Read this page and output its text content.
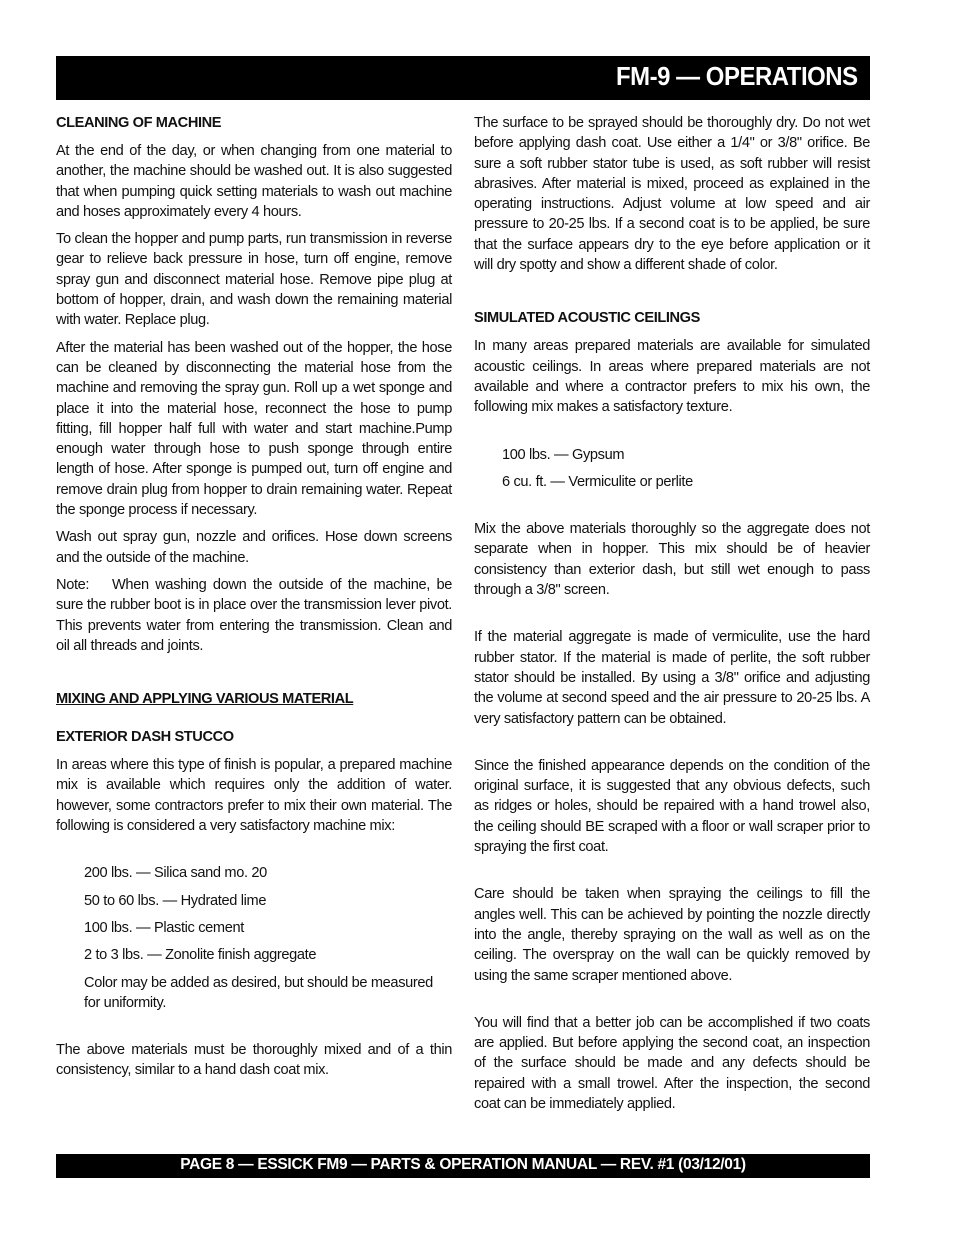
FM-9 — OPERATIONS
CLEANING OF MACHINE

At the end of the day, or when changing from one material to another, the machine should be washed out. It is also suggested that when pumping quick setting materials to wash out machine and hoses approximately every 4 hours.

To clean the hopper and pump parts, run transmission in reverse gear to relieve back pressure in hose, turn off engine, remove spray gun and disconnect material hose. Remove pipe plug at bottom of hopper, drain, and wash down the remaining material with water. Replace plug.

After the material has been washed out of the hopper, the hose can be cleaned by disconnecting the material hose from the machine and removing the spray gun. Roll up a wet sponge and place it into the material hose, reconnect the hose to pump fitting, fill hopper half full with water and start machine.Pump enough water through hose to push sponge through entire length of hose. After sponge is pumped out, turn off engine and remove drain plug from hopper to drain remaining water. Repeat the sponge process if necessary.

Wash out spray gun, nozzle and orifices. Hose down screens and the outside of the machine.

Note: When washing down the outside of the machine, be sure the rubber boot is in place over the transmission lever pivot. This prevents water from entering the transmission. Clean and oil all threads and joints.

MIXING AND APPLYING VARIOUS MATERIAL
EXTERIOR DASH STUCCO

In areas where this type of finish is popular, a prepared machine mix is available which requires only the addition of water. however, some contractors prefer to mix their own material. The following is considered a very satisfactory machine mix:

200 lbs. — Silica sand mo. 20

50 to 60 lbs. — Hydrated lime

100 lbs. — Plastic cement

2 to 3 lbs. — Zonolite finish aggregate

Color may be added as desired, but should be measured for uniformity.

The above materials must be thoroughly mixed and of a thin consistency, similar to a hand dash coat mix.

The surface to be sprayed should be thoroughly dry. Do not wet before applying dash coat. Use either a 1/4" or 3/8" orifice. Be sure a soft rubber stator tube is used, as soft rubber will resist abrasives. After material is mixed, proceed as explained in the operating instructions. Adjust volume at low speed and air pressure to 20-25 lbs. If a second coat is to be applied, be sure that the surface appears dry to the eye before application or it will dry spotty and show a different shade of color.

SIMULATED ACOUSTIC CEILINGS

In many areas prepared materials are available for simulated acoustic ceilings. In areas where prepared materials are not available and where a contractor prefers to mix his own, the following mix makes a satisfactory texture.

100 lbs. — Gypsum

6 cu. ft. — Vermiculite or perlite

Mix the above materials thoroughly so the aggregate does not separate when in hopper. This mix should be of heavier consistency than exterior dash, but still wet enough to pass through a 3/8" screen.

If the material aggregate is made of vermiculite, use the hard rubber stator. If the material is made of perlite, the soft rubber stator should be installed. By using a 3/8" orifice and adjusting the volume at second speed and the air pressure to 20-25 lbs. A very satisfactory pattern can be obtained.

Since the finished appearance depends on the condition of the original surface, it is suggested that any obvious defects, such as ridges or holes, should be repaired with a hand trowel also, the ceiling should BE scraped with a floor or wall scraper prior to spraying the first coat.

Care should be taken when spraying the ceilings to fill the angles well. This can be achieved by pointing the nozzle directly into the angle, thereby spraying on the wall as well as on the ceiling. The overspray on the wall can be quickly removed by using the same scraper mentioned above.

You will find that a better job can be accomplished if two coats are applied. But before applying the second coat, an inspection of the surface should be made and any defects should be repaired with a small trowel. After the inspection, the second coat can be immediately applied.

PAGE 8 — ESSICK FM9 — PARTS & OPERATION MANUAL — REV. #1 (03/12/01)
